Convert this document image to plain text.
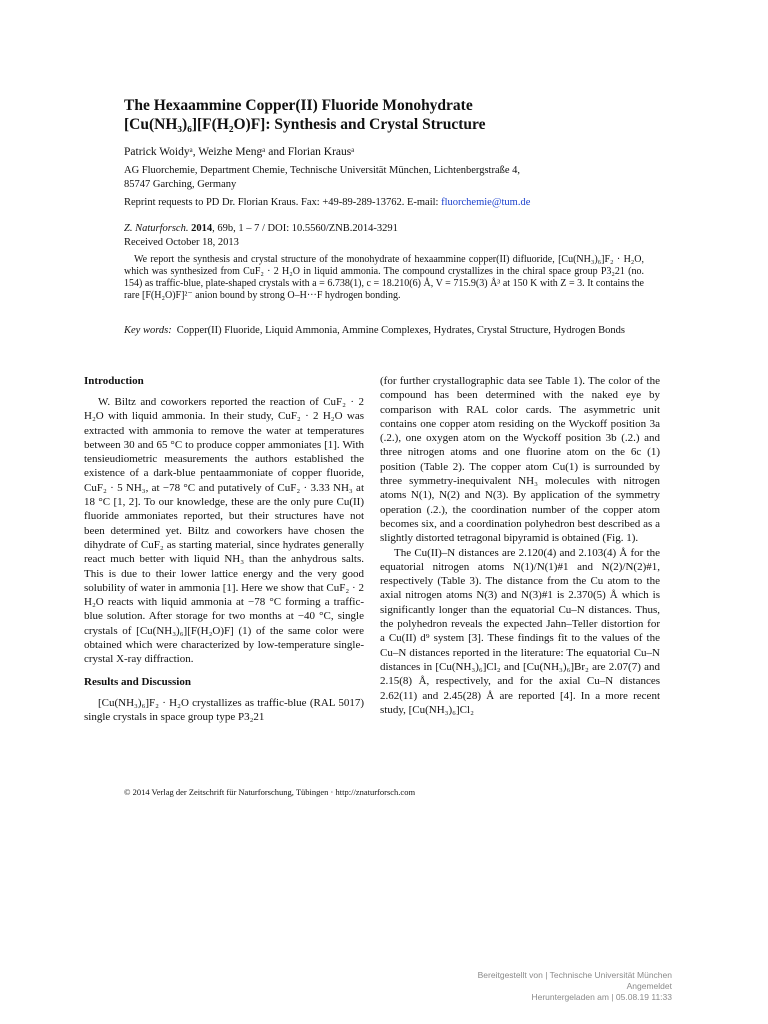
The Hexaammine Copper(II) Fluoride Monohydrate
[Cu(NH₃)₆][F(H₂O)F]: Synthesis and Crystal Structure
Patrick Woidyᵃ, Weizhe Mengᵃ and Florian Krausᵃ
AG Fluorchemie, Department Chemie, Technische Universität München, Lichtenbergstraße 4,
85747 Garching, Germany
Reprint requests to PD Dr. Florian Kraus. Fax: +49-89-289-13762. E-mail: fluorchemie@tum.de
Z. Naturforsch. 2014, 69b, 1 – 7 / DOI: 10.5560/ZNB.2014-3291
Received October 18, 2013

We report the synthesis and crystal structure of the monohydrate of hexaammine copper(II) difluoride, [Cu(NH₃)₆]F₂ · H₂O, which was synthesized from CuF₂ · 2 H₂O in liquid ammonia. The compound crystallizes in the chiral space group P3₂21 (no. 154) as traffic-blue, plate-shaped crystals with a = 6.738(1), c = 18.210(6) Å, V = 715.9(3) Å³ at 150 K with Z = 3. It contains the rare [F(H₂O)F]²⁻ anion bound by strong O–H···F hydrogen bonding.

Key words: Copper(II) Fluoride, Liquid Ammonia, Ammine Complexes, Hydrates, Crystal Structure, Hydrogen Bonds
Introduction

W. Biltz and coworkers reported the reaction of CuF₂ · 2 H₂O with liquid ammonia. In their study, CuF₂ · 2 H₂O was extracted with ammonia to remove the water at temperatures between 30 and 65 °C to produce copper ammoniates [1]. With tensieudiometric measurements the authors established the existence of a dark-blue pentaammoniate of copper fluoride, CuF₂ · 5 NH₃, at −78 °C and putatively of CuF₂ · 3.33 NH₃ at 18 °C [1, 2]. To our knowledge, these are the only pure Cu(II) fluoride ammoniates reported, but their structures have not been determined yet. Biltz and coworkers have chosen the dihydrate of CuF₂ as starting material, since hydrates generally react much better with liquid NH₃ than the anhydrous salts. This is due to their lower lattice energy and the very good solubility of water in ammonia [1]. Here we show that CuF₂ · 2 H₂O reacts with liquid ammonia at −78 °C forming a traffic-blue solution. After storage for two months at −40 °C, single crystals of [Cu(NH₃)₆][F(H₂O)F] (1) of the same color were obtained which were characterized by low-temperature single-crystal X-ray diffraction.

Results and Discussion

[Cu(NH₃)₆]F₂ · H₂O crystallizes as traffic-blue (RAL 5017) single crystals in space group type P3₂21

(for further crystallographic data see Table 1). The color of the compound has been determined with the naked eye by comparison with RAL color cards. The asymmetric unit contains one copper atom residing on the Wyckoff position 3a (.2.), one oxygen atom on the Wyckoff position 3b (.2.) and three nitrogen atoms and one fluorine atom on the 6c (1) position (Table 2). The copper atom Cu(1) is surrounded by three symmetry-inequivalent NH₃ molecules with nitrogen atoms N(1), N(2) and N(3). By application of the symmetry operation (.2.), the coordination number of the copper atom becomes six, and a coordination polyhedron best described as a slightly distorted tetragonal bipyramid is obtained (Fig. 1).

The Cu(II)–N distances are 2.120(4) and 2.103(4) Å for the equatorial nitrogen atoms N(1)/N(1)#1 and N(2)/N(2)#1, respectively (Table 3). The distance from the Cu atom to the axial nitrogen atoms N(3) and N(3)#1 is 2.370(5) Å which is significantly longer than the equatorial Cu–N distances. Thus, the polyhedron reveals the expected Jahn–Teller distortion for a Cu(II) d⁹ system [3]. These findings fit to the values of the Cu–N distances reported in the literature: The equatorial Cu–N distances in [Cu(NH₃)₆]Cl₂ and [Cu(NH₃)₆]Br₂ are 2.07(7) and 2.15(8) Å, respectively, and for the axial Cu–N distances 2.62(11) and 2.45(28) Å are reported [4]. In a more recent study, [Cu(NH₃)₆]Cl₂

© 2014 Verlag der Zeitschrift für Naturforschung, Tübingen · http://znaturforsch.com
Bereitgestellt von | Technische Universität München
Angemeldet
Heruntergeladen am | 05.08.19 11:33
